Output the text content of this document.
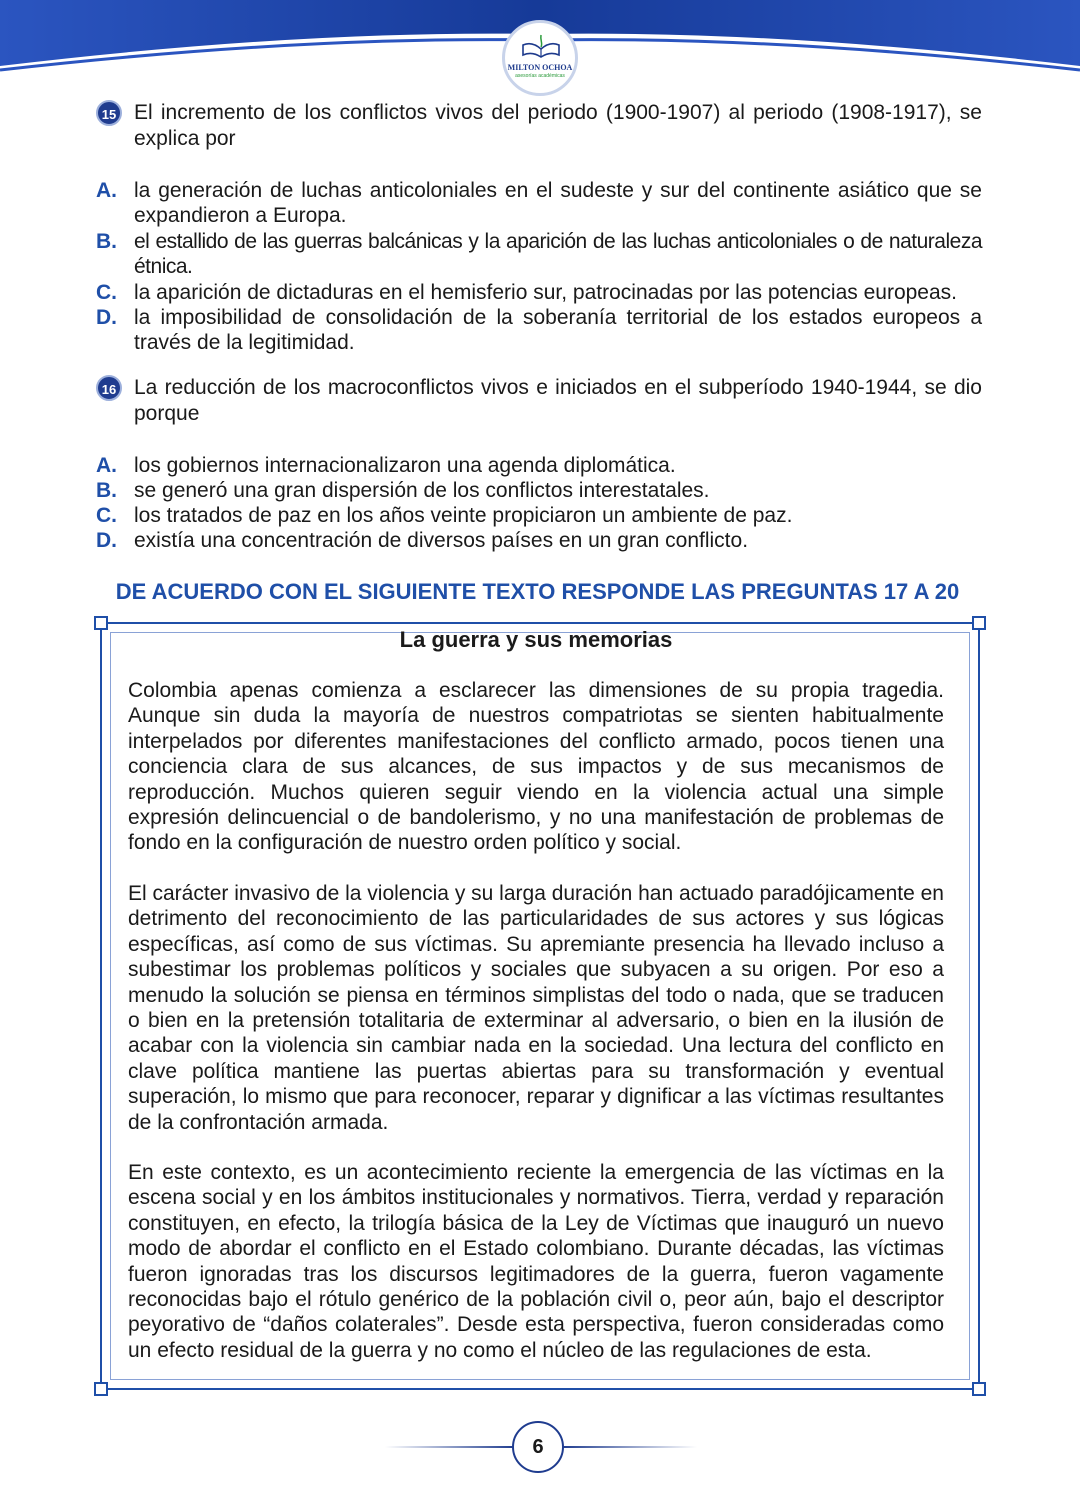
MILTON OCHOA
asesorías académicas
15 El incremento de los conflictos vivos del periodo (1900-1907) al periodo (1908-1917), se explica por
A. la generación de luchas anticoloniales en el sudeste y sur del continente asiático que se expandieron a Europa.
B. el estallido de las guerras balcánicas y la aparición de las luchas anticoloniales o de naturaleza étnica.
C. la aparición de dictaduras en el hemisferio sur, patrocinadas por las potencias europeas.
D. la imposibilidad de consolidación de la soberanía territorial de los estados europeos a través de la legitimidad.
16 La reducción de los macroconflictos vivos e iniciados en el subperíodo 1940-1944, se dio porque
A. los gobiernos internacionalizaron una agenda diplomática.
B. se generó una gran dispersión de los conflictos interestatales.
C. los tratados de paz en los años veinte propiciaron un ambiente de paz.
D. existía una concentración de diversos países en un gran conflicto.
DE ACUERDO CON EL SIGUIENTE TEXTO RESPONDE LAS PREGUNTAS 17 A 20
La guerra y sus memorias
Colombia apenas comienza a esclarecer las dimensiones de su propia tragedia. Aunque sin duda la mayoría de nuestros compatriotas se sienten habitualmente interpelados por diferentes manifestaciones del conflicto armado, pocos tienen una conciencia clara de sus alcances, de sus impactos y de sus mecanismos de reproducción. Muchos quieren seguir viendo en la violencia actual una simple expresión delincuencial o de bandolerismo, y no una manifestación de problemas de fondo en la configuración de nuestro orden político y social.
El carácter invasivo de la violencia y su larga duración han actuado paradójicamente en detrimento del reconocimiento de las particularidades de sus actores y sus lógicas específicas, así como de sus víctimas. Su apremiante presencia ha llevado incluso a subestimar los problemas políticos y sociales que subyacen a su origen. Por eso a menudo la solución se piensa en términos simplistas del todo o nada, que se traducen o bien en la pretensión totalitaria de exterminar al adversario, o bien en la ilusión de acabar con la violencia sin cambiar nada en la sociedad. Una lectura del conflicto en clave política mantiene las puertas abiertas para su transformación y eventual superación, lo mismo que para reconocer, reparar y dignificar a las víctimas resultantes de la confrontación armada.
En este contexto, es un acontecimiento reciente la emergencia de las víctimas en la escena social y en los ámbitos institucionales y normativos. Tierra, verdad y reparación constituyen, en efecto, la trilogía básica de la Ley de Víctimas que inauguró un nuevo modo de abordar el conflicto en el Estado colombiano. Durante décadas, las víctimas fueron ignoradas tras los discursos legitimadores de la guerra, fueron vagamente reconocidas bajo el rótulo genérico de la población civil o, peor aún, bajo el descriptor peyorativo de “daños colaterales”. Desde esta perspectiva, fueron consideradas como un efecto residual de la guerra y no como el núcleo de las regulaciones de esta.
6
